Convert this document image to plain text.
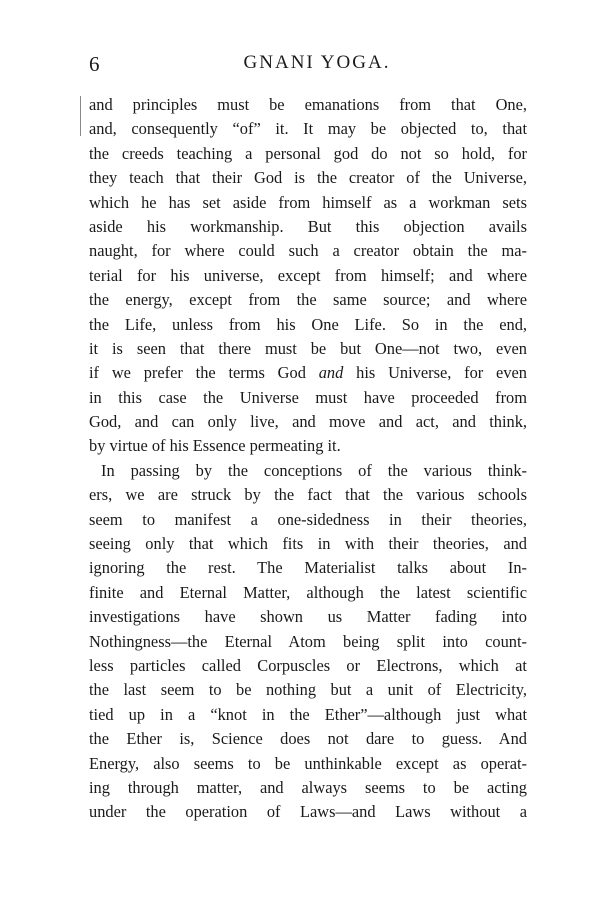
6	GNANI YOGA.
and principles must be emanations from that One,
and, consequently “of” it. It may be objected to, that
the creeds teaching a personal god do not so hold, for
they teach that their God is the creator of the Universe,
which he has set aside from himself as a workman sets
aside his workmanship. But this objection avails
naught, for where could such a creator obtain the ma-
terial for his universe, except from himself; and where
the energy, except from the same source; and where
the Life, unless from his One Life. So in the end,
it is seen that there must be but One—not two, even
if we prefer the terms God and his Universe, for even
in this case the Universe must have proceeded from
God, and can only live, and move and act, and think,
by virtue of his Essence permeating it.
In passing by the conceptions of the various think-
ers, we are struck by the fact that the various schools
seem to manifest a one-sidedness in their theories,
seeing only that which fits in with their theories, and
ignoring the rest. The Materialist talks about In-
finite and Eternal Matter, although the latest scientific
investigations have shown us Matter fading into
Nothingness—the Eternal Atom being split into count-
less particles called Corpuscles or Electrons, which at
the last seem to be nothing but a unit of Electricity,
tied up in a “knot in the Ether”—although just what
the Ether is, Science does not dare to guess. And
Energy, also seems to be unthinkable except as operat-
ing through matter, and always seems to be acting
under the operation of Laws—and Laws without a
